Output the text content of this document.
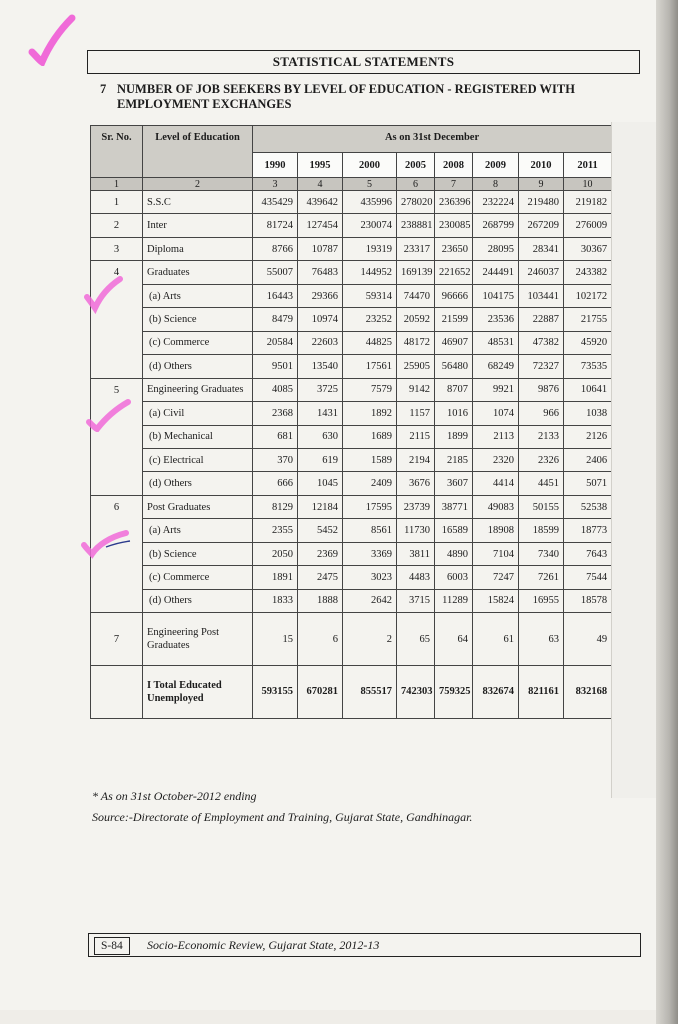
STATISTICAL STATEMENTS
7 NUMBER OF JOB SEEKERS BY LEVEL OF EDUCATION - REGISTERED WITH EMPLOYMENT EXCHANGES
Sr. No.	Level of Education	As on 31st December							
		1990	1995	2000	2005	2008	2009	2010	2011
1	2	3	4	5	6	7	8	9	10
1	S.S.C	435429	439642	435996	278020	236396	232224	219480	219182
2	Inter	81724	127454	230074	238881	230085	268799	267209	276009
3	Diploma	8766	10787	19319	23317	23650	28095	28341	30367
4	Graduates	55007	76483	144952	169139	221652	244491	246037	243382
	(a) Arts	16443	29366	59314	74470	96666	104175	103441	102172
	(b) Science	8479	10974	23252	20592	21599	23536	22887	21755
	(c) Commerce	20584	22603	44825	48172	46907	48531	47382	45920
	(d) Others	9501	13540	17561	25905	56480	68249	72327	73535
5	Engineering Graduates	4085	3725	7579	9142	8707	9921	9876	10641
	(a) Civil	2368	1431	1892	1157	1016	1074	966	1038
	(b) Mechanical	681	630	1689	2115	1899	2113	2133	2126
	(c) Electrical	370	619	1589	2194	2185	2320	2326	2406
	(d) Others	666	1045	2409	3676	3607	4414	4451	5071
6	Post Graduates	8129	12184	17595	23739	38771	49083	50155	52538
	(a) Arts	2355	5452	8561	11730	16589	18908	18599	18773
	(b) Science	2050	2369	3369	3811	4890	7104	7340	7643
	(c) Commerce	1891	2475	3023	4483	6003	7247	7261	7544
	(d) Others	1833	1888	2642	3715	11289	15824	16955	18578
7	Engineering Post Graduates	15	6	2	65	64	61	63	49
	I Total Educated Unemployed	593155	670281	855517	742303	759325	832674	821161	832168
* As on 31st October-2012 ending
Source:-Directorate of Employment and Training, Gujarat State, Gandhinagar.
S-84	Socio-Economic Review, Gujarat State, 2012-13
